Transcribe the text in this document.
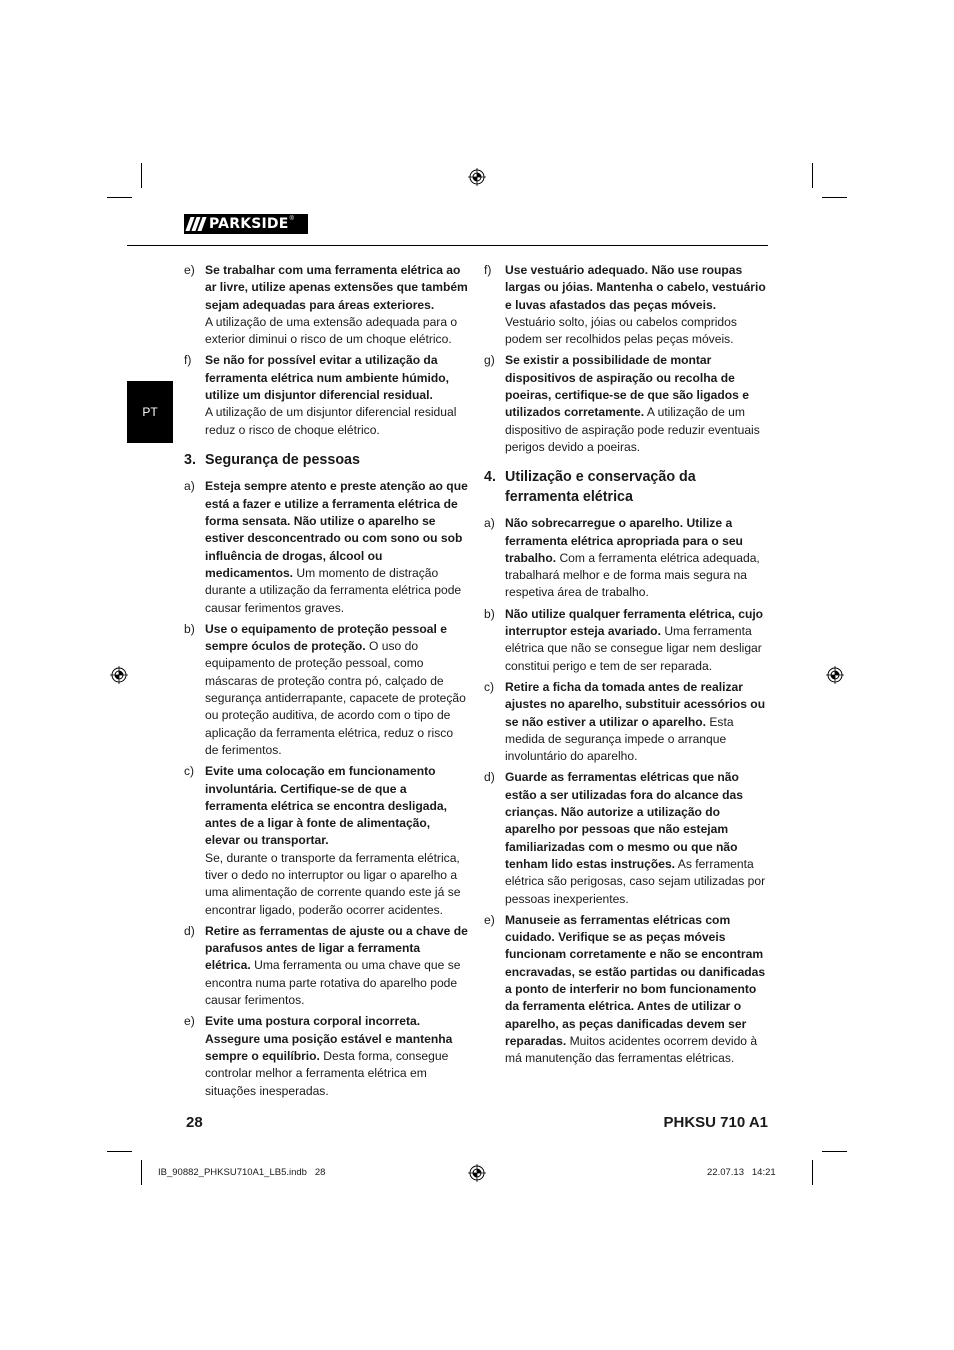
PARKSIDE ®
PT
e) Se trabalhar com uma ferramenta elétrica ao ar livre, utilize apenas extensões que também sejam adequadas para áreas exteriores.
A utilização de uma extensão adequada para o exterior diminui o risco de um choque elétrico.
f) Se não for possível evitar a utilização da ferramenta elétrica num ambiente húmido, utilize um disjuntor diferencial residual.
A utilização de um disjuntor diferencial residual reduz o risco de choque elétrico.
3. Segurança de pessoas
a) Esteja sempre atento e preste atenção ao que está a fazer e utilize a ferramenta elétrica de forma sensata. Não utilize o aparelho se estiver desconcentrado ou com sono ou sob influência de drogas, álcool ou medicamentos. Um momento de distração durante a utilização da ferramenta elétrica pode causar ferimentos graves.
b) Use o equipamento de proteção pessoal e sempre óculos de proteção. O uso do equipamento de proteção pessoal, como máscaras de proteção contra pó, calçado de segurança antiderrapante, capacete de proteção ou proteção auditiva, de acordo com o tipo de aplicação da ferramenta elétrica, reduz o risco de ferimentos.
c) Evite uma colocação em funcionamento involuntária. Certifique-se de que a ferramenta elétrica se encontra desligada, antes de a ligar à fonte de alimentação, elevar ou transportar.
Se, durante o transporte da ferramenta elétrica, tiver o dedo no interruptor ou ligar o aparelho a uma alimentação de corrente quando este já se encontrar ligado, poderão ocorrer acidentes.
d) Retire as ferramentas de ajuste ou a chave de parafusos antes de ligar a ferramenta elétrica. Uma ferramenta ou uma chave que se encontra numa parte rotativa do aparelho pode causar ferimentos.
e) Evite uma postura corporal incorreta. Assegure uma posição estável e mantenha sempre o equilíbrio. Desta forma, consegue controlar melhor a ferramenta elétrica em situações inesperadas.
f) Use vestuário adequado. Não use roupas largas ou jóias. Mantenha o cabelo, vestuário e luvas afastados das peças móveis. Vestuário solto, jóias ou cabelos compridos podem ser recolhidos pelas peças móveis.
g) Se existir a possibilidade de montar dispositivos de aspiração ou recolha de poeiras, certifique-se de que são ligados e utilizados corretamente. A utilização de um dispositivo de aspiração pode reduzir eventuais perigos devido a poeiras.
4. Utilização e conservação da ferramenta elétrica
a) Não sobrecarregue o aparelho. Utilize a ferramenta elétrica apropriada para o seu trabalho. Com a ferramenta elétrica adequada, trabalhará melhor e de forma mais segura na respetiva área de trabalho.
b) Não utilize qualquer ferramenta elétrica, cujo interruptor esteja avariado. Uma ferramenta elétrica que não se consegue ligar nem desligar constitui perigo e tem de ser reparada.
c) Retire a ficha da tomada antes de realizar ajustes no aparelho, substituir acessórios ou se não estiver a utilizar o aparelho. Esta medida de segurança impede o arranque involuntário do aparelho.
d) Guarde as ferramentas elétricas que não estão a ser utilizadas fora do alcance das crianças. Não autorize a utilização do aparelho por pessoas que não estejam familiarizadas com o mesmo ou que não tenham lido estas instruções. As ferramenta elétrica são perigosas, caso sejam utilizadas por pessoas inexperientes.
e) Manuseie as ferramentas elétricas com cuidado. Verifique se as peças móveis funcionam corretamente e não se encontram encravadas, se estão partidas ou danificadas a ponto de interferir no bom funcionamento da ferramenta elétrica. Antes de utilizar o aparelho, as peças danificadas devem ser reparadas. Muitos acidentes ocorrem devido à má manutenção das ferramentas elétricas.
28	PHKSU 710 A1
IB_90882_PHKSU710A1_LB5.indb   28	22.07.13   14:21
